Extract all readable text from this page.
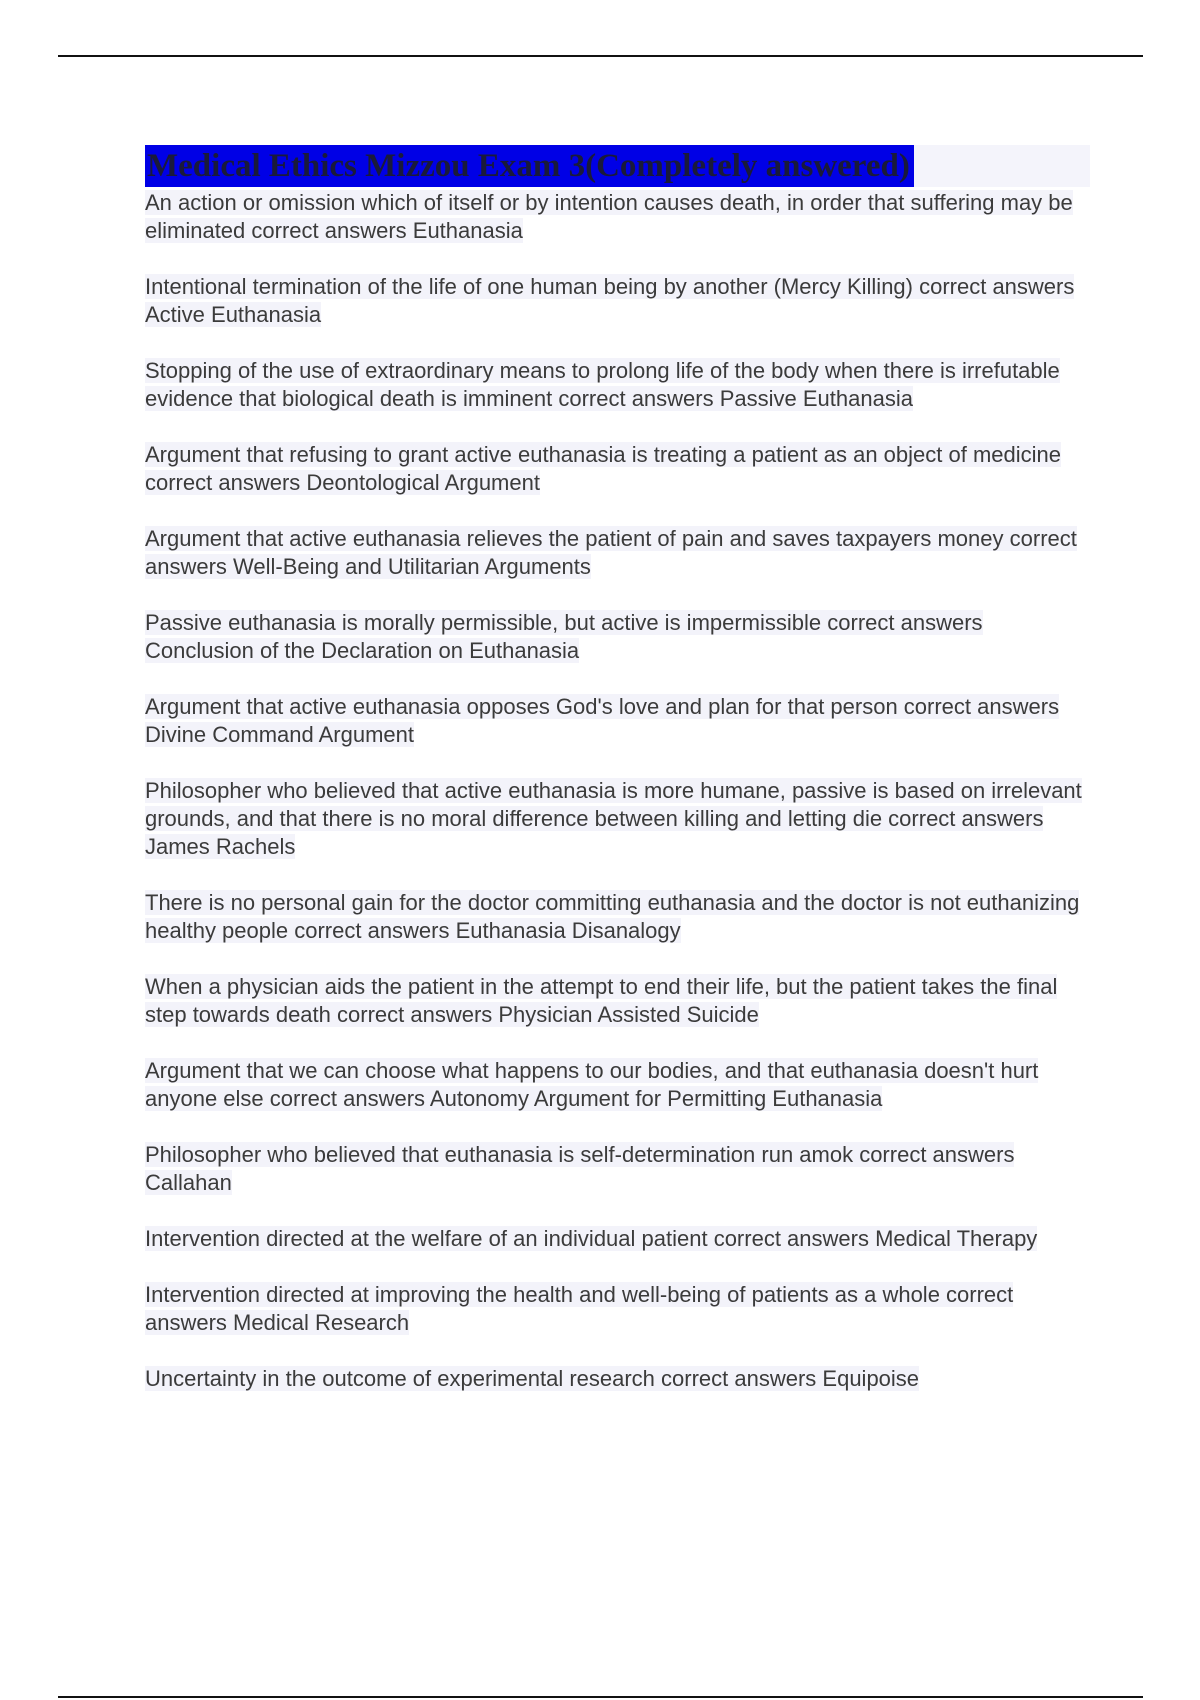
Medical Ethics Mizzou Exam 3(Completely answered)

An action or omission which of itself or by intention causes death, in order that suffering may be eliminated correct answers Euthanasia

Intentional termination of the life of one human being by another (Mercy Killing) correct answers Active Euthanasia

Stopping of the use of extraordinary means to prolong life of the body when there is irrefutable evidence that biological death is imminent correct answers Passive Euthanasia

Argument that refusing to grant active euthanasia is treating a patient as an object of medicine correct answers Deontological Argument

Argument that active euthanasia relieves the patient of pain and saves taxpayers money correct answers Well-Being and Utilitarian Arguments

Passive euthanasia is morally permissible, but active is impermissible correct answers Conclusion of the Declaration on Euthanasia

Argument that active euthanasia opposes God's love and plan for that person correct answers Divine Command Argument

Philosopher who believed that active euthanasia is more humane, passive is based on irrelevant grounds, and that there is no moral difference between killing and letting die correct answers James Rachels

There is no personal gain for the doctor committing euthanasia and the doctor is not euthanizing healthy people correct answers Euthanasia Disanalogy

When a physician aids the patient in the attempt to end their life, but the patient takes the final step towards death correct answers Physician Assisted Suicide

Argument that we can choose what happens to our bodies, and that euthanasia doesn't hurt anyone else correct answers Autonomy Argument for Permitting Euthanasia

Philosopher who believed that euthanasia is self-determination run amok correct answers Callahan

Intervention directed at the welfare of an individual patient correct answers Medical Therapy

Intervention directed at improving the health and well-being of patients as a whole correct answers Medical Research

Uncertainty in the outcome of experimental research correct answers Equipoise
